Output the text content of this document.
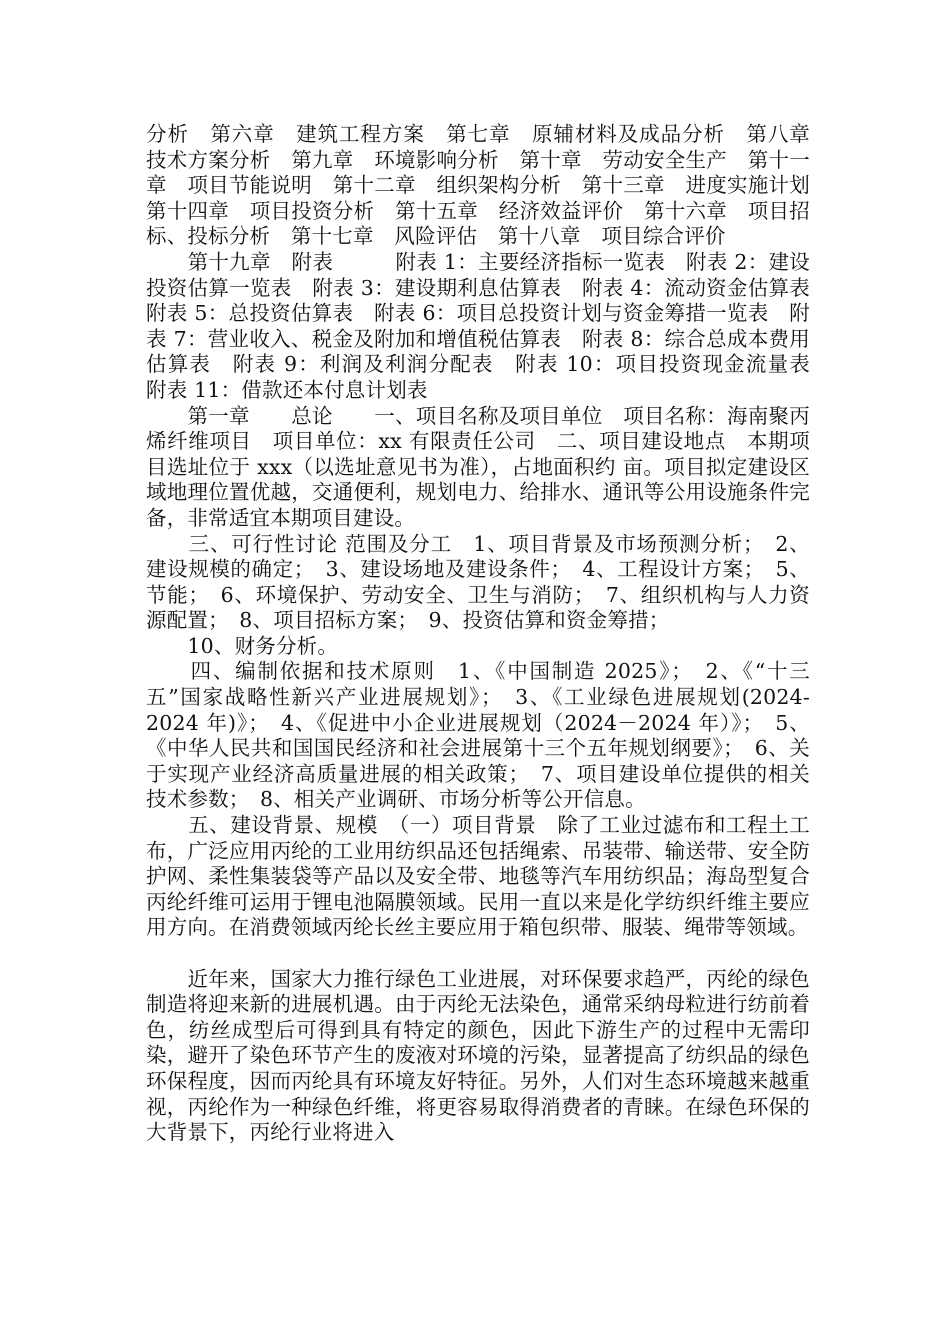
分析　第六章　建筑工程方案　第七章　原辅材料及成品分析　第八章　技术方案分析　第九章　环境影响分析　第十章　劳动安全生产　第十一章　项目节能说明　第十二章　组织架构分析　第十三章　进度实施计划　第十四章　项目投资分析　第十五章　经济效益评价　第十六章　项目招标、投标分析　第十七章　风险评估　第十八章　项目综合评价

　　第十九章　附表　　　附表 1：主要经济指标一览表　附表 2：建设投资估算一览表　附表 3：建设期利息估算表　附表 4：流动资金估算表　附表 5：总投资估算表　附表 6：项目总投资计划与资金筹措一览表　附表 7：营业收入、税金及附加和增值税估算表　附表 8：综合总成本费用估算表　附表 9：利润及利润分配表　附表 10：项目投资现金流量表　附表 11：借款还本付息计划表

　　第一章　　总论　　一、项目名称及项目单位　项目名称：海南聚丙烯纤维项目　项目单位：xx 有限责任公司　二、项目建设地点　本期项目选址位于 xxx（以选址意见书为准），占地面积约 亩。项目拟定建设区域地理位置优越，交通便利，规划电力、给排水、通讯等公用设施条件完备，非常适宜本期项目建设。

　　三、可行性讨论 范围及分工　1、项目背景及市场预测分析；　2、建设规模的确定；　3、建设场地及建设条件；　4、工程设计方案；　5、节能；　6、环境保护、劳动安全、卫生与消防；　7、组织机构与人力资源配置；　8、项目招标方案；　9、投资估算和资金筹措；

　　10、财务分析。

　　四、编制依据和技术原则　1、《中国制造 2025》；　2、《“十三五”国家战略性新兴产业进展规划》；　3、《工业绿色进展规划(2024-2024 年)》；　4、《促进中小企业进展规划（2024－2024 年）》；　5、《中华人民共和国国民经济和社会进展第十三个五年规划纲要》；　6、关于实现产业经济高质量进展的相关政策；　7、项目建设单位提供的相关技术参数；　8、相关产业调研、市场分析等公开信息。

　　五、建设背景、规模　（一）项目背景　除了工业过滤布和工程土工布，广泛应用丙纶的工业用纺织品还包括绳索、吊装带、输送带、安全防护网、柔性集装袋等产品以及安全带、地毯等汽车用纺织品；海岛型复合丙纶纤维可运用于锂电池隔膜领域。民用一直以来是化学纺织纤维主要应用方向。在消费领域丙纶长丝主要应用于箱包织带、服装、绳带等领域。

　　近年来，国家大力推行绿色工业进展，对环保要求趋严，丙纶的绿色制造将迎来新的进展机遇。由于丙纶无法染色，通常采纳母粒进行纺前着色，纺丝成型后可得到具有特定的颜色，因此下游生产的过程中无需印染，避开了染色环节产生的废液对环境的污染，显著提高了纺织品的绿色环保程度，因而丙纶具有环境友好特征。另外，人们对生态环境越来越重视，丙纶作为一种绿色纤维，将更容易取得消费者的青睐。在绿色环保的大背景下，丙纶行业将进入
